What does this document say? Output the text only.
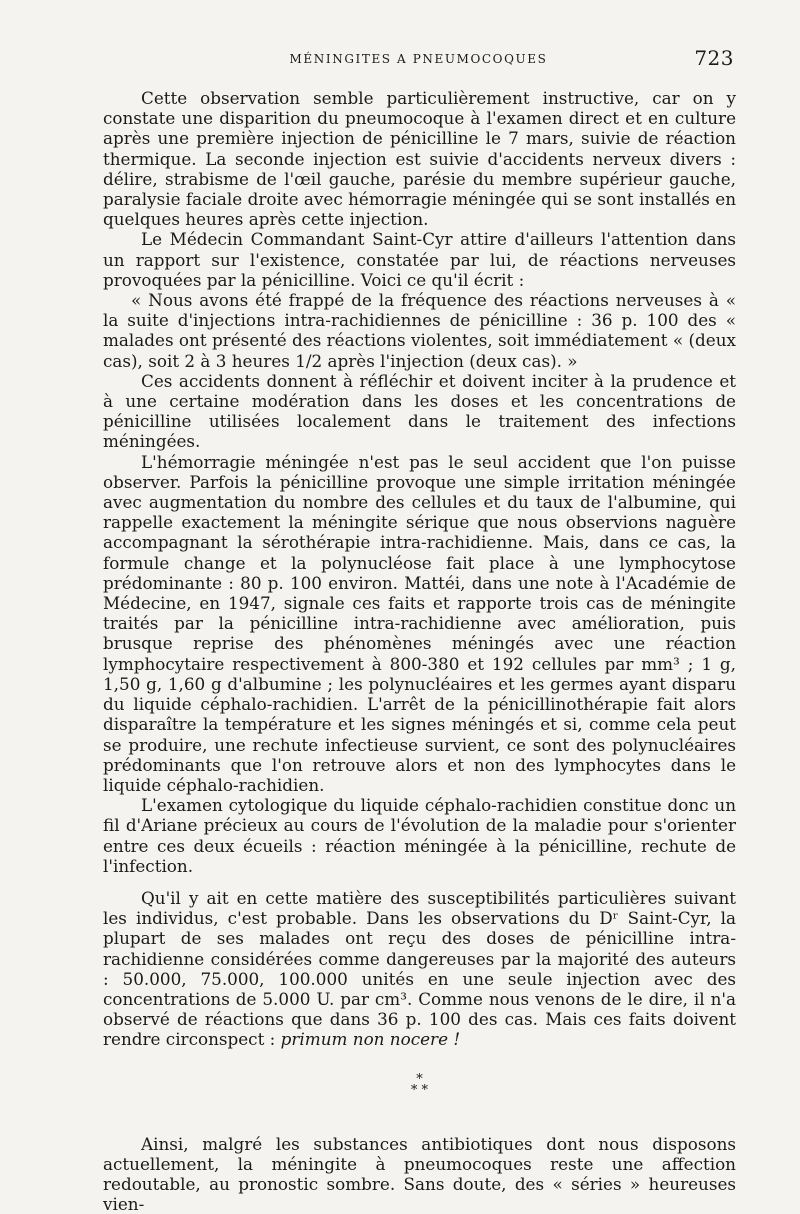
MÉNINGITES A PNEUMOCOQUES	723

Cette observation semble particulièrement instructive, car on y constate une disparition du pneumocoque à l'examen direct et en culture après une première injection de pénicilline le 7 mars, suivie de réaction thermique. La seconde injection est suivie d'accidents nerveux divers : délire, strabisme de l'œil gauche, parésie du membre supérieur gauche, paralysie faciale droite avec hémorragie méningée qui se sont installés en quelques heures après cette injection.

Le Médecin Commandant Saint-Cyr attire d'ailleurs l'attention dans un rapport sur l'existence, constatée par lui, de réactions nerveuses provoquées par la pénicilline. Voici ce qu'il écrit :

« Nous avons été frappé de la fréquence des réactions nerveuses à « la suite d'injections intra-rachidiennes de pénicilline : 36 p. 100 des « malades ont présenté des réactions violentes, soit immédiatement « (deux cas), soit 2 à 3 heures 1/2 après l'injection (deux cas). »

Ces accidents donnent à réfléchir et doivent inciter à la prudence et à une certaine modération dans les doses et les concentrations de pénicilline utilisées localement dans le traitement des infections méningées.

L'hémorragie méningée n'est pas le seul accident que l'on puisse observer. Parfois la pénicilline provoque une simple irritation méningée avec augmentation du nombre des cellules et du taux de l'albumine, qui rappelle exactement la méningite sérique que nous observions naguère accompagnant la sérothérapie intra-rachidienne. Mais, dans ce cas, la formule change et la polynucléose fait place à une lymphocytose prédominante : 80 p. 100 environ. Mattéi, dans une note à l'Académie de Médecine, en 1947, signale ces faits et rapporte trois cas de méningite traités par la pénicilline intra-rachidienne avec amélioration, puis brusque reprise des phénomènes méningés avec une réaction lymphocytaire respectivement à 800-380 et 192 cellules par mm³ ; 1 g, 1,50 g, 1,60 g d'albumine ; les polynucléaires et les germes ayant disparu du liquide céphalo-rachidien. L'arrêt de la pénicillinothérapie fait alors disparaître la température et les signes méningés et si, comme cela peut se produire, une rechute infectieuse survient, ce sont des polynucléaires prédominants que l'on retrouve alors et non des lymphocytes dans le liquide céphalo-rachidien.

L'examen cytologique du liquide céphalo-rachidien constitue donc un fil d'Ariane précieux au cours de l'évolution de la maladie pour s'orienter entre ces deux écueils : réaction méningée à la pénicilline, rechute de l'infection.

Qu'il y ait en cette matière des susceptibilités particulières suivant les individus, c'est probable. Dans les observations du Dʳ Saint-Cyr, la plupart de ses malades ont reçu des doses de pénicilline intra-rachidienne considérées comme dangereuses par la majorité des auteurs : 50.000, 75.000, 100.000 unités en une seule injection avec des concentrations de 5.000 U. par cm³. Comme nous venons de le dire, il n'a observé de réactions que dans 36 p. 100 des cas. Mais ces faits doivent rendre circonspect : primum non nocere !

*
* *

Ainsi, malgré les substances antibiotiques dont nous disposons actuellement, la méningite à pneumocoques reste une affection redoutable, au pronostic sombre. Sans doute, des « séries » heureuses vien-
